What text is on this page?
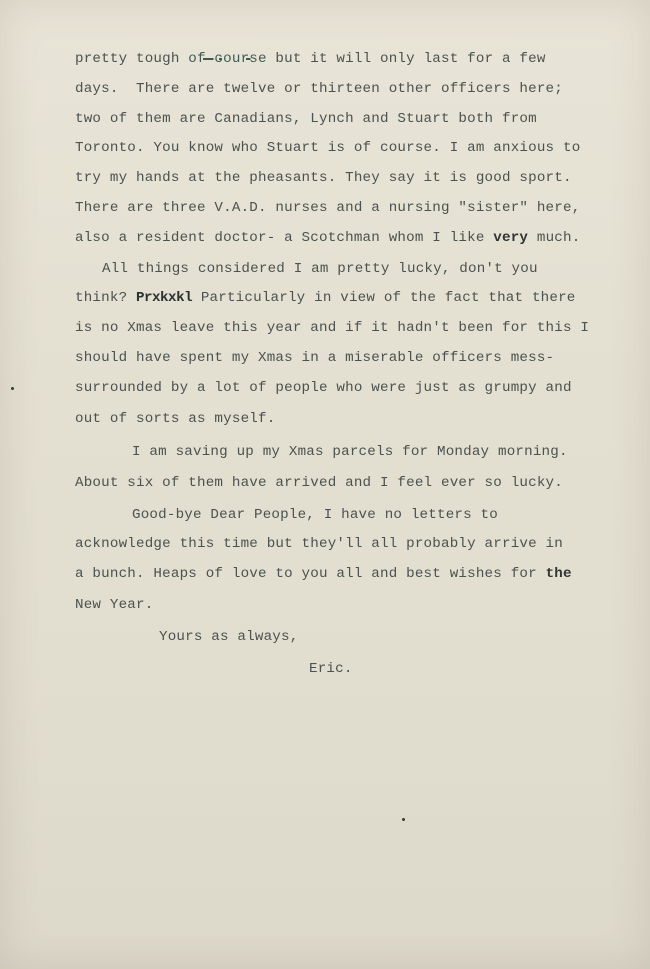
pretty tough of course but it will only last for a few
days.  There are twelve or thirteen other officers here;
two of them are Canadians, Lynch and Stuart both from
Toronto. You know who Stuart is of course. I am anxious to
try my hands at the pheasants. They say it is good sport.
There are three V.A.D. nurses and a nursing "sister" here,
also a resident doctor- a Scotchman whom I like very much.
All things considered I am pretty lucky, don't you
think? Prxkxkl Particularly in view of the fact that there
is no Xmas leave this year and if it hadn't been for this I
should have spent my Xmas in a miserable officers mess-
surrounded by a lot of people who were just as grumpy and
out of sorts as myself.
I am saving up my Xmas parcels for Monday morning.
About six of them have arrived and I feel ever so lucky.
Good-bye Dear People, I have no letters to
acknowledge this time but they'll all probably arrive in
a bunch. Heaps of love to you all and best wishes for the
New Year.
Yours as always,
Eric.
